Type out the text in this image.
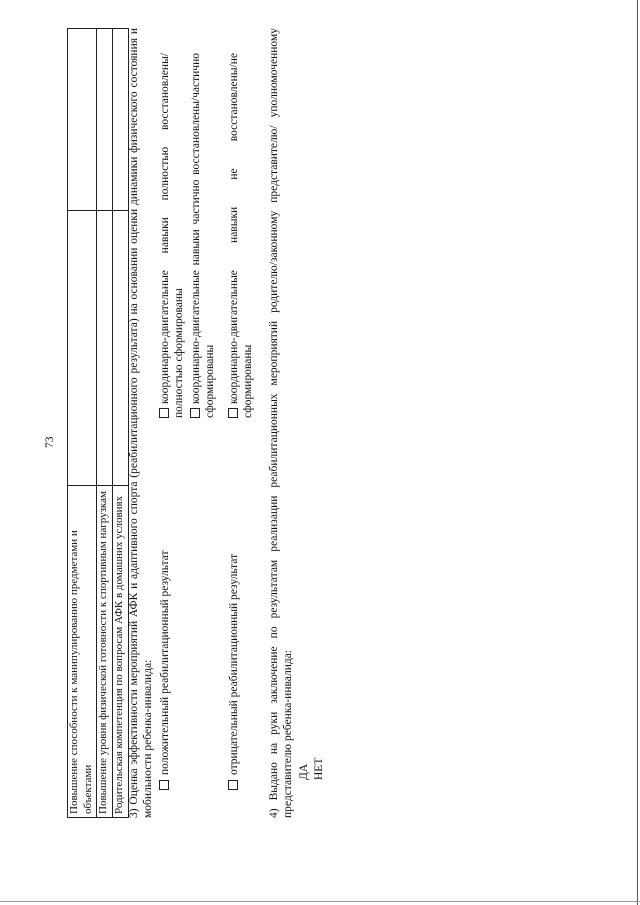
73
Повышение способности к манипулированию предметами и объектами		
Повышение уровня физической готовности к спортивным нагрузкам		
Родительская компетенция по вопросам АФК в домашних условиях		3) Оценка эффективности мероприятий АФК и адаптивного спорта (реабилитационного результата) на основании оценки динамики физического состояния и мобильности ребенка-инвалида: положительный реабилитационный результат
координарно-двигательные навыки полностью восстановлены/полностью сформированы координарно-двигательные навыки частично восстановлены/частично сформированы
отрицательный реабилитационный результат
координарно-двигательные навыки не восстановлены/не сформированы 4) Выдано на руки заключение по результатам реализации реабилитационных мероприятий родителю/законному представителю/ уполномоченному представителю ребенка-инвалида: ДА НЕТ
